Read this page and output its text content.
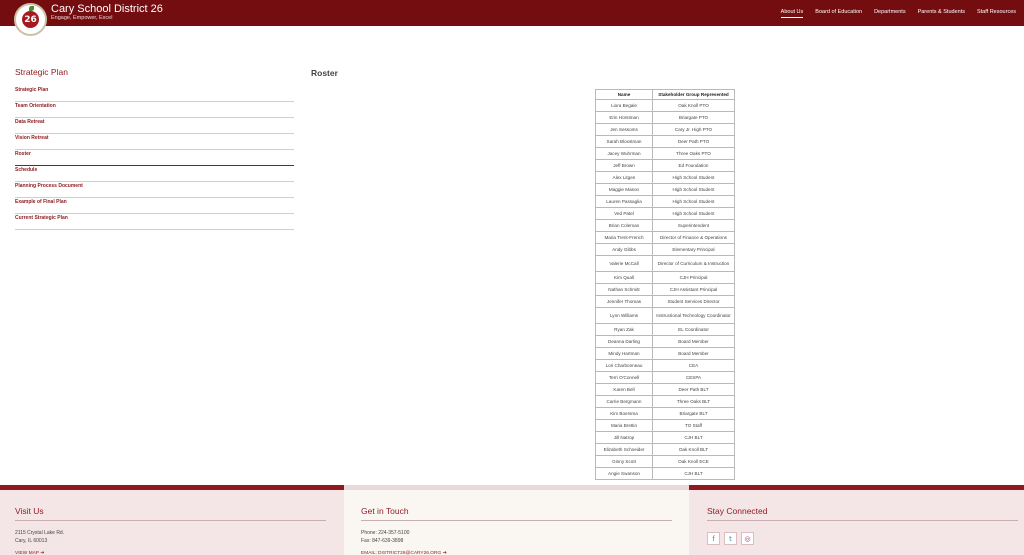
26
Cary School District 26
Engage, Empower, Excel
About Us Board of Education Departments Parents & Students Staff Resources
Strategic Plan
Strategic Plan
Team Orientation
Data Retreat
Vision Retreat
Roster
Schedule
Planning Process Document
Example of Final Plan
Current Strategic Plan
Roster
Name	Stakeholder Group Represented
Liora Begale	Oak Knoll PTO
Erin Horstman	Briargate PTO
Jen Sessoms	Cary Jr. High PTO
Sarah Bloxstman	Deer Path PTO
Jacey Wuhrman	Three Oaks PTO
Jeff Brown	Ed Foundation
Alex Litgen	High School Student
Maggie Mason	High School Student
Lauren Passaglia	High School Student
Ved Patel	High School Student
Brian Coleman	Superintendent
Maria Trent-French	Director of Finance & Operations
Andy Gibbs	Elementary Principal
Valerie McCall	Director of Curriculum & Instruction
Kim Quall	CJH Principal
Nathan Schmitt	CJH Assistant Principal
Jennifer Thomas	Student Services Director
Lynn Williams	Instructional Technology Coordinator
Ryan Zak	EL Coordinator
Deanna Darling	Board Member
Mindy Hartman	Board Member
Lori Charbonneau	CEA
Terri O'Connell	CESPA
Karen Bell	Deer Path BLT
Carrie Bergmann	Three Oaks BLT
Kim Boersma	Briargate BLT
Maria Brettin	TO Staff
Jill Natrop	CJH BLT
Elizabeth Schneider	Oak Knoll BLT
Ginny Scott	Oak Knoll ECE
Angie Swanson	CJH BLT
Visit Us
2115 Crystal Lake Rd.
Cary, IL 60013
VIEW MAP ➜
Get in Touch
Phone: 224-357-5100
Fax: 847-639-3898
EMAIL: DISTRICT26@CARY26.ORG ➜
Stay Connected
f	t	◎
